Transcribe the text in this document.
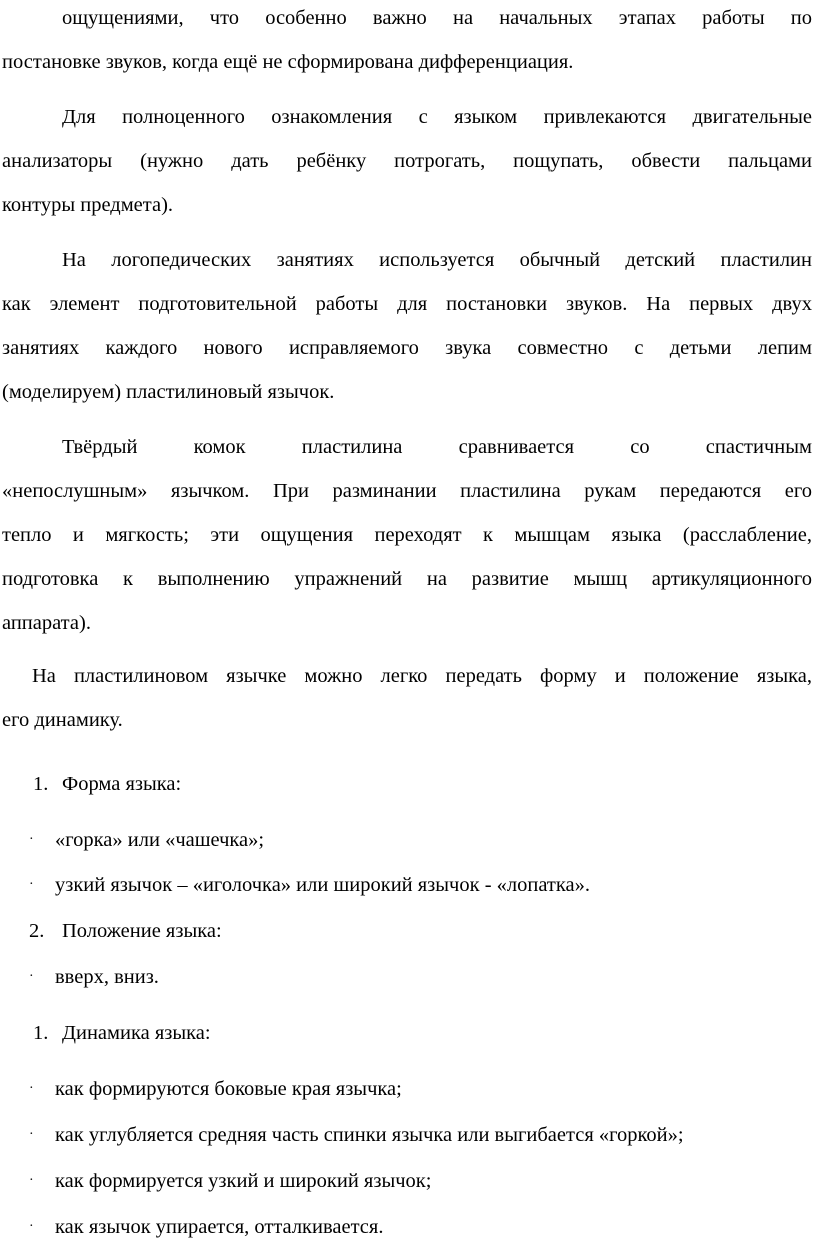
ощущениями, что особенно важно на начальных этапах работы по
постановке звуков, когда ещё не сформирована дифференциация.
Для полноценного ознакомления с языком привлекаются двигательные
анализаторы (нужно дать ребёнку потрогать, пощупать, обвести пальцами
контуры предмета).
На логопедических занятиях используется обычный детский пластилин
как элемент подготовительной работы для постановки звуков. На первых двух
занятиях каждого нового исправляемого звука совместно с детьми лепим
(моделируем) пластилиновый язычок.
Твёрдый комок пластилина сравнивается со спастичным
«непослушным» язычком. При разминании пластилина рукам передаются его
тепло и мягкость; эти ощущения переходят к мышцам языка (расслабление,
подготовка к выполнению упражнений на развитие мышц артикуляционного
аппарата).
На пластилиновом язычке можно легко передать форму и положение языка,
его динамику.
1. Форма языка:
· «горка» или «чашечка»;
· узкий язычок – «иголочка» или широкий язычок - «лопатка».
2. Положение языка:
· вверх, вниз.
1. Динамика языка:
· как формируются боковые края язычка;
· как углубляется средняя часть спинки язычка или выгибается «горкой»;
· как формируется узкий и широкий язычок;
· как язычок упирается, отталкивается.
